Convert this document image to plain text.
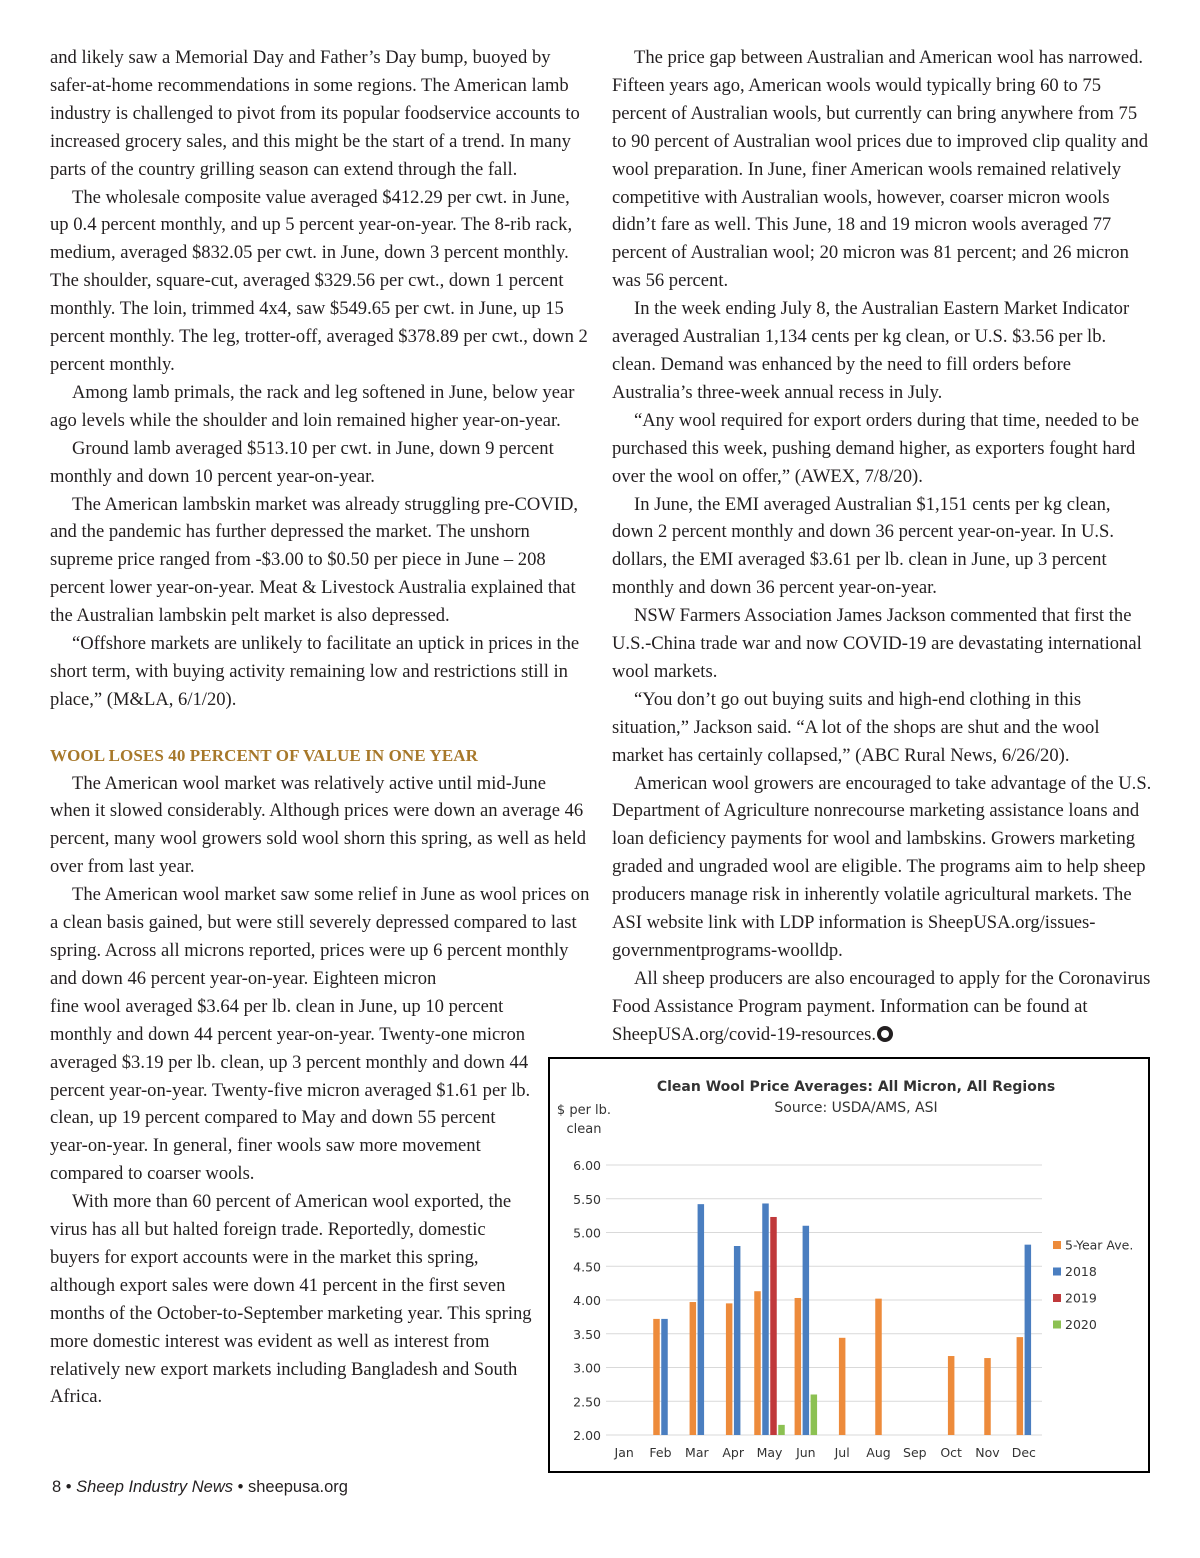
and likely saw a Memorial Day and Father’s Day bump, buoyed by safer-at-home recommendations in some regions. The American lamb industry is challenged to pivot from its popular foodservice accounts to increased grocery sales, and this might be the start of a trend. In many parts of the country grilling season can extend through the fall.

The wholesale composite value averaged $412.29 per cwt. in June, up 0.4 percent monthly, and up 5 percent year-on-year. The 8-rib rack, medium, averaged $832.05 per cwt. in June, down 3 percent monthly. The shoulder, square-cut, averaged $329.56 per cwt., down 1 percent monthly. The loin, trimmed 4x4, saw $549.65 per cwt. in June, up 15 percent monthly. The leg, trotter-off, averaged $378.89 per cwt., down 2 percent monthly.

Among lamb primals, the rack and leg softened in June, below year ago levels while the shoulder and loin remained higher year-on-year.

Ground lamb averaged $513.10 per cwt. in June, down 9 percent monthly and down 10 percent year-on-year.

The American lambskin market was already struggling pre-COVID, and the pandemic has further depressed the market. The unshorn supreme price ranged from -$3.00 to $0.50 per piece in June – 208 percent lower year-on-year. Meat & Livestock Australia explained that the Australian lambskin pelt market is also depressed.

“Offshore markets are unlikely to facilitate an uptick in prices in the short term, with buying activity remaining low and restrictions still in place,” (M&LA, 6/1/20).

WOOL LOSES 40 PERCENT OF VALUE IN ONE YEAR

The American wool market was relatively active until mid-June when it slowed considerably. Although prices were down an average 46 percent, many wool growers sold wool shorn this spring, as well as held over from last year.

The American wool market saw some relief in June as wool prices on a clean basis gained, but were still severely depressed compared to last spring. Across all microns reported, prices were up 6 percent monthly and down 46 percent year-on-year. Eighteen micron

fine wool averaged $3.64 per lb. clean in June, up 10 percent monthly and down 44 percent year-on-year. Twenty-one micron averaged $3.19 per lb. clean, up 3 percent monthly and down 44 percent year-on-year. Twenty-five micron averaged $1.61 per lb. clean, up 19 percent compared to May and down 55 percent year-on-year. In general, finer wools saw more movement compared to coarser wools.

With more than 60 percent of American wool exported, the virus has all but halted foreign trade. Reportedly, domestic buyers for export accounts were in the market this spring, although export sales were down 41 percent in the first seven months of the October-to-September marketing year. This spring more domestic interest was evident as well as interest from relatively new export markets including Bangladesh and South Africa.

The price gap between Australian and American wool has narrowed. Fifteen years ago, American wools would typically bring 60 to 75 percent of Australian wools, but currently can bring anywhere from 75 to 90 percent of Australian wool prices due to improved clip quality and wool preparation. In June, finer American wools remained relatively competitive with Australian wools, however, coarser micron wools didn’t fare as well. This June, 18 and 19 micron wools averaged 77 percent of Australian wool; 20 micron was 81 percent; and 26 micron was 56 percent.

In the week ending July 8, the Australian Eastern Market Indicator averaged Australian 1,134 cents per kg clean, or U.S. $3.56 per lb. clean. Demand was enhanced by the need to fill orders before Australia’s three-week annual recess in July.

“Any wool required for export orders during that time, needed to be purchased this week, pushing demand higher, as exporters fought hard over the wool on offer,” (AWEX, 7/8/20).

In June, the EMI averaged Australian $1,151 cents per kg clean, down 2 percent monthly and down 36 percent year-on-year. In U.S. dollars, the EMI averaged $3.61 per lb. clean in June, up 3 percent monthly and down 36 percent year-on-year.

NSW Farmers Association James Jackson commented that first the U.S.-China trade war and now COVID-19 are devastating international wool markets.

“You don’t go out buying suits and high-end clothing in this situation,” Jackson said. “A lot of the shops are shut and the wool market has certainly collapsed,” (ABC Rural News, 6/26/20).

American wool growers are encouraged to take advantage of the U.S. Department of Agriculture nonrecourse marketing assistance loans and loan deficiency payments for wool and lambskins. Growers marketing graded and ungraded wool are eligible. The programs aim to help sheep producers manage risk in inherently volatile agricultural markets. The ASI website link with LDP information is SheepUSA.org/issues-governmentprograms-woolldp.

All sheep producers are also encouraged to apply for the Coronavirus Food Assistance Program payment. Information can be found at SheepUSA.org/covid-19-resources.

Clean Wool Price Averages: All Micron, All Regions
Source: USDA/AMS, ASI
$ per lb.
clean
2.00
2.50
3.00
3.50
4.00
4.50
5.00
5.50
6.00
Jan Feb Mar Apr May Jun Jul Aug Sep Oct Nov Dec
5-Year Ave.
2018
2019
2020
8 • Sheep Industry News • sheepusa.org
